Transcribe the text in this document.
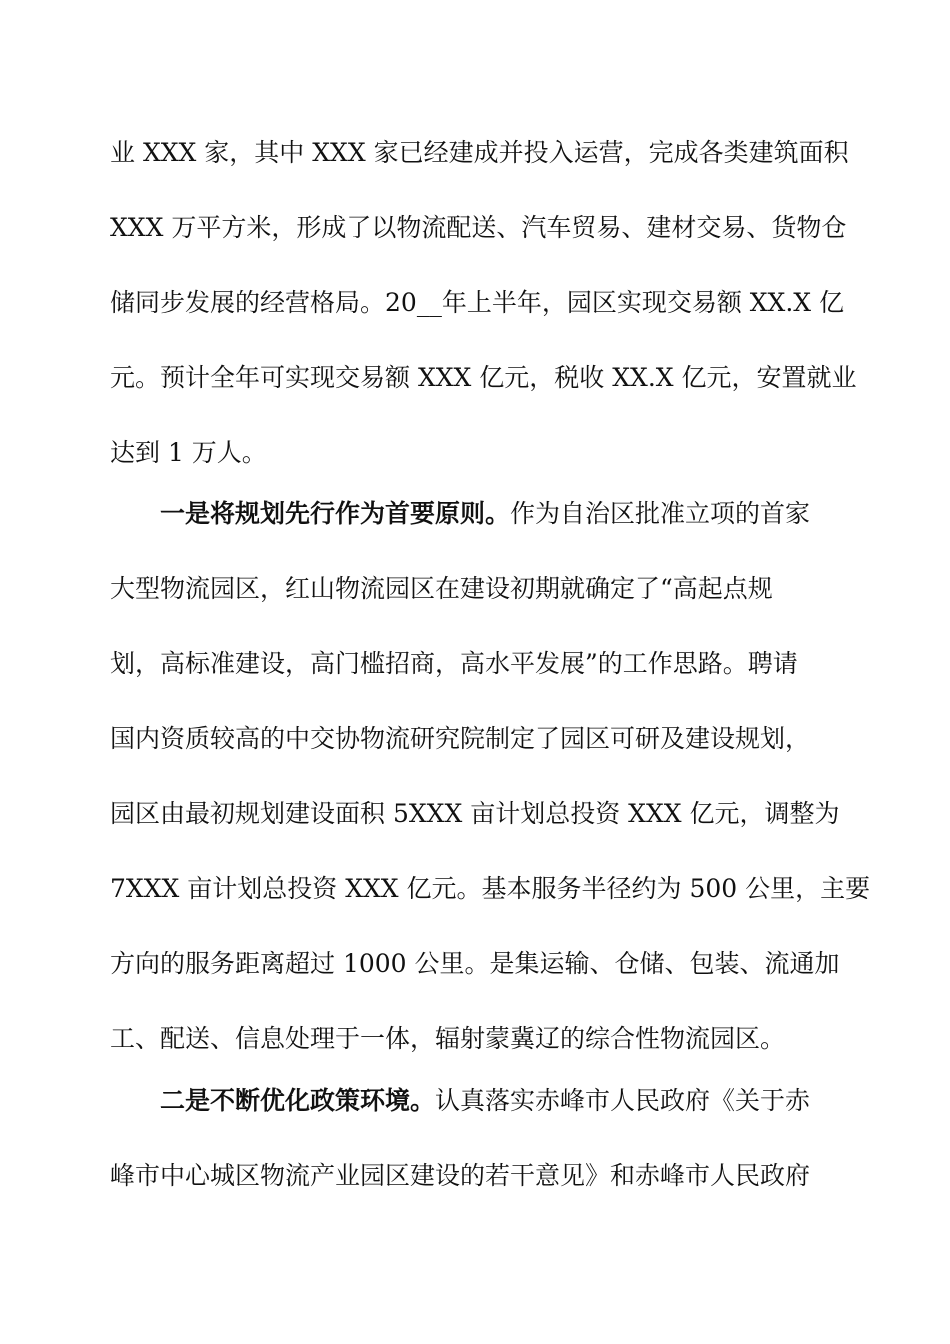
业 XXX 家，其中 XXX 家已经建成并投入运营，完成各类建筑面积
XXX 万平方米，形成了以物流配送、汽车贸易、建材交易、货物仓
储同步发展的经营格局。20__年上半年，园区实现交易额 XX.X 亿
元。预计全年可实现交易额 XXX 亿元，税收 XX.X 亿元，安置就业
达到 1 万人。
一是将规划先行作为首要原则。作为自治区批准立项的首家
大型物流园区，红山物流园区在建设初期就确定了“高起点规
划，高标准建设，高门槛招商，高水平发展”的工作思路。聘请
国内资质较高的中交协物流研究院制定了园区可研及建设规划，
园区由最初规划建设面积 5XXX 亩计划总投资 XXX 亿元，调整为
7XXX 亩计划总投资 XXX 亿元。基本服务半径约为 500 公里，主要
方向的服务距离超过 1000 公里。是集运输、仓储、包装、流通加
工、配送、信息处理于一体，辐射蒙冀辽的综合性物流园区。
二是不断优化政策环境。认真落实赤峰市人民政府《关于赤
峰市中心城区物流产业园区建设的若干意见》和赤峰市人民政府
